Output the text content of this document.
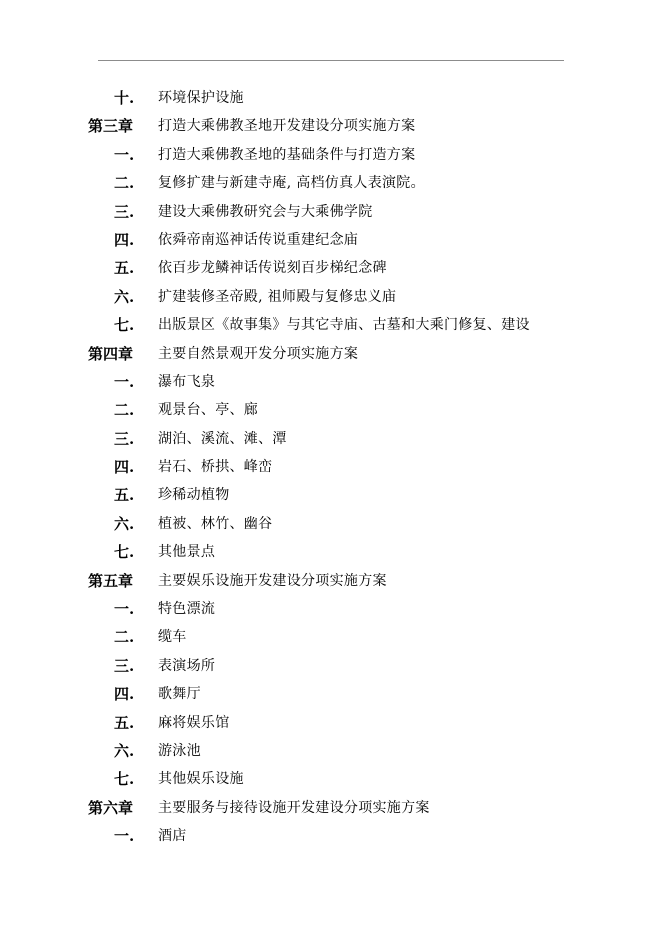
十. 环境保护设施
第三章 打造大乘佛教圣地开发建设分项实施方案
一. 打造大乘佛教圣地的基础条件与打造方案
二. 复修扩建与新建寺庵, 高档仿真人表演院。
三. 建设大乘佛教研究会与大乘佛学院
四. 依舜帝南巡神话传说重建纪念庙
五. 依百步龙鳞神话传说刻百步梯纪念碑
六. 扩建装修圣帝殿, 祖师殿与复修忠义庙
七. 出版景区《故事集》与其它寺庙、古墓和大乘门修复、建设
第四章 主要自然景观开发分项实施方案
一. 瀑布飞泉
二. 观景台、亭、廊
三. 湖泊、溪流、滩、潭
四. 岩石、桥拱、峰峦
五. 珍稀动植物
六. 植被、林竹、幽谷
七. 其他景点
第五章 主要娱乐设施开发建设分项实施方案
一. 特色漂流
二. 缆车
三. 表演场所
四. 歌舞厅
五. 麻将娱乐馆
六. 游泳池
七. 其他娱乐设施
第六章 主要服务与接待设施开发建设分项实施方案
一. 酒店
